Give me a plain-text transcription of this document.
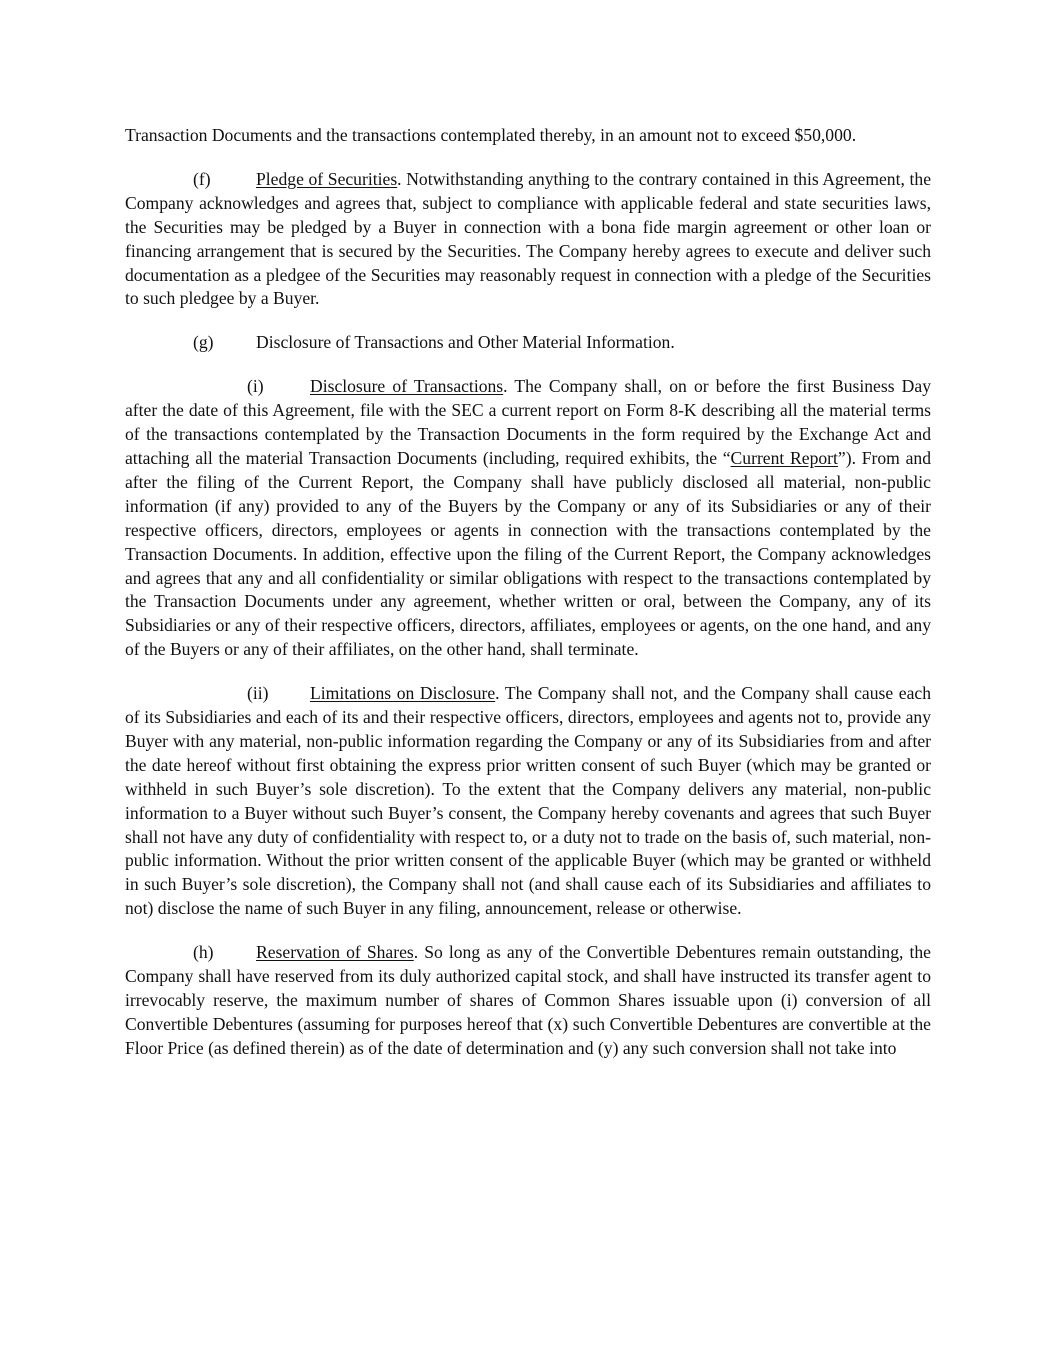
Transaction Documents and the transactions contemplated thereby, in an amount not to exceed $50,000.

(f)	Pledge of Securities. Notwithstanding anything to the contrary contained in this Agreement, the Company acknowledges and agrees that, subject to compliance with applicable federal and state securities laws, the Securities may be pledged by a Buyer in connection with a bona fide margin agreement or other loan or financing arrangement that is secured by the Securities. The Company hereby agrees to execute and deliver such documentation as a pledgee of the Securities may reasonably request in connection with a pledge of the Securities to such pledgee by a Buyer.

(g) Disclosure of Transactions and Other Material Information.

(i)	Disclosure of Transactions. The Company shall, on or before the first Business Day after the date of this Agreement, file with the SEC a current report on Form 8-K describing all the material terms of the transactions contemplated by the Transaction Documents in the form required by the Exchange Act and attaching all the material Transaction Documents (including, required exhibits, the “Current Report”). From and after the filing of the Current Report, the Company shall have publicly disclosed all material, non-public information (if any) provided to any of the Buyers by the Company or any of its Subsidiaries or any of their respective officers, directors, employees or agents in connection with the transactions contemplated by the Transaction Documents. In addition, effective upon the filing of the Current Report, the Company acknowledges and agrees that any and all confidentiality or similar obligations with respect to the transactions contemplated by the Transaction Documents under any agreement, whether written or oral, between the Company, any of its Subsidiaries or any of their respective officers, directors, affiliates, employees or agents, on the one hand, and any of the Buyers or any of their affiliates, on the other hand, shall terminate.

(ii) Limitations on Disclosure. The Company shall not, and the Company shall cause each of its Subsidiaries and each of its and their respective officers, directors, employees and agents not to, provide any Buyer with any material, non-public information regarding the Company or any of its Subsidiaries from and after the date hereof without first obtaining the express prior written consent of such Buyer (which may be granted or withheld in such Buyer’s sole discretion). To the extent that the Company delivers any material, non-public information to a Buyer without such Buyer’s consent, the Company hereby covenants and agrees that such Buyer shall not have any duty of confidentiality with respect to, or a duty not to trade on the basis of, such material, non-public information. Without the prior written consent of the applicable Buyer (which may be granted or withheld in such Buyer’s sole discretion), the Company shall not (and shall cause each of its Subsidiaries and affiliates to not) disclose the name of such Buyer in any filing, announcement, release or otherwise.

(h) Reservation of Shares. So long as any of the Convertible Debentures remain outstanding, the Company shall have reserved from its duly authorized capital stock, and shall have instructed its transfer agent to irrevocably reserve, the maximum number of shares of Common Shares issuable upon (i) conversion of all Convertible Debentures (assuming for purposes hereof that (x) such Convertible Debentures are convertible at the Floor Price (as defined therein) as of the date of determination and (y) any such conversion shall not take into
